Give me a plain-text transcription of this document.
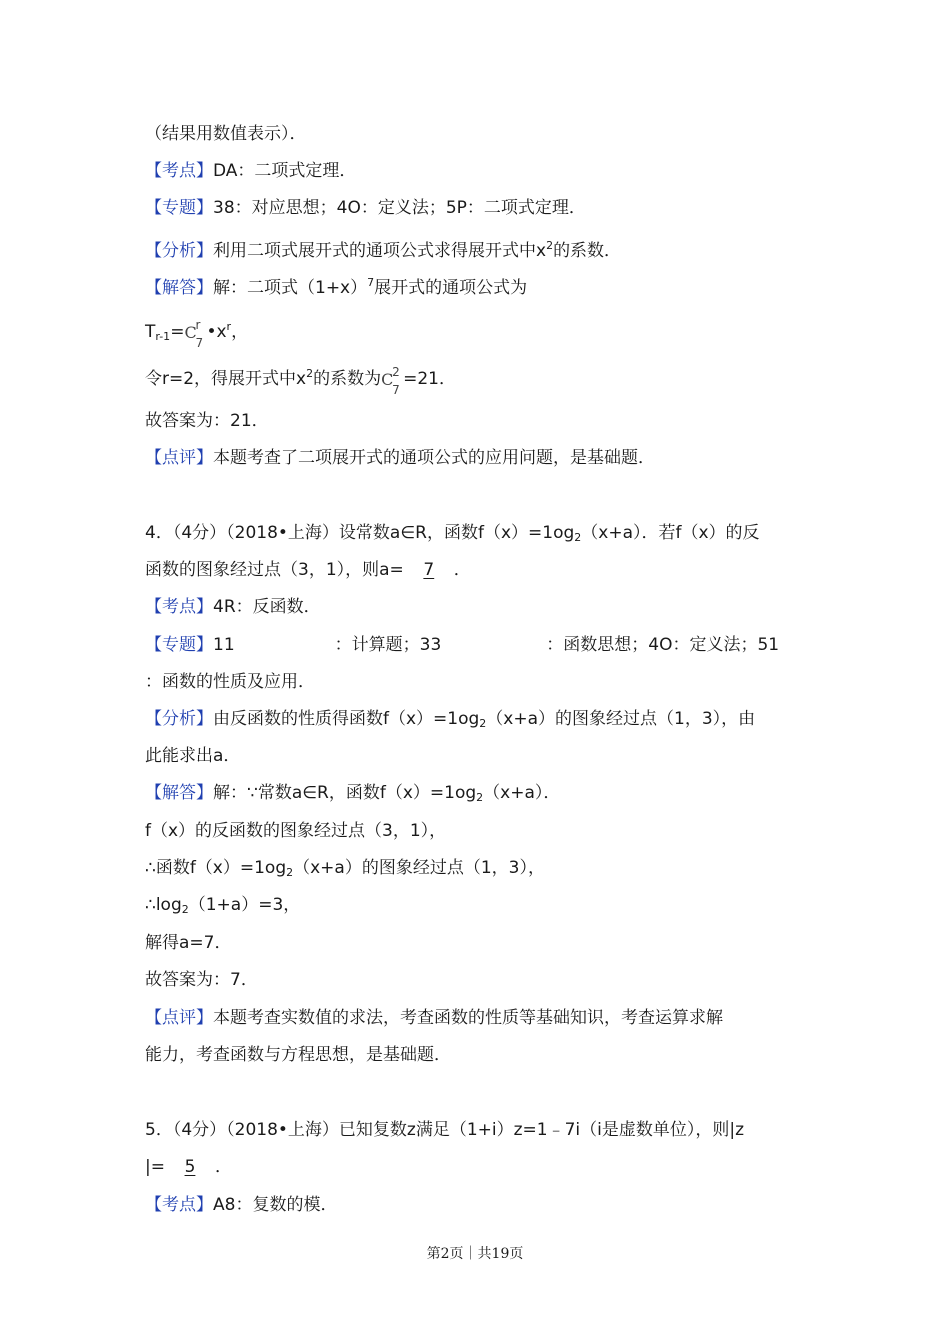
（结果用数值表示）．
【考点】DA：二项式定理．
【专题】38：对应思想；4O：定义法；5P：二项式定理．
【分析】利用二项式展开式的通项公式求得展开式中$x^2$的系数．
【解答】解：二项式$(1+x)^7$展开式的通项公式为
$T_{r-1}= C$
r
7
$•x^r$，
令r=2，得展开式中$x^2$的系数为 C
2
7
=21．
故答案为：21．
【点评】本题考查了二项展开式的通项公式的应用问题，是基础题．
4．（4分）（2018•上海）设常数a∈R，函数$f(x)=1og_2(x+a)$．若f（x）的反
函数的图象经过点（3，1），则a= 7 ．
【考点】4R：反函数．
【专题】11	：计算题；33	：函数思想；4O：定义法；51
：函数的性质及应用．
【分析】由反函数的性质得函数$f(x)=1og_2(x+a)$的图象经过点（1，3），由
此能求出a．
【解答】解：∵常数a∈R，函数$f(x)=1og_2(x+a)$．
f（x）的反函数的图象经过点（3，1），
∴函数$f(x)=1og_2(x+a)$的图象经过点（1，3），
$\therefore\log_2(1+a)=3$，
解得a=7．
故答案为：7．
【点评】本题考查实数值的求法，考查函数的性质等基础知识，考查运算求解
能力，考查函数与方程思想，是基础题．
5．（4分）（2018•上海）已知复数z满足（1+i）z=1﹣7i（i是虚数单位），则|z
|= 5 ．
【考点】A8：复数的模．
第2页｜共19页
